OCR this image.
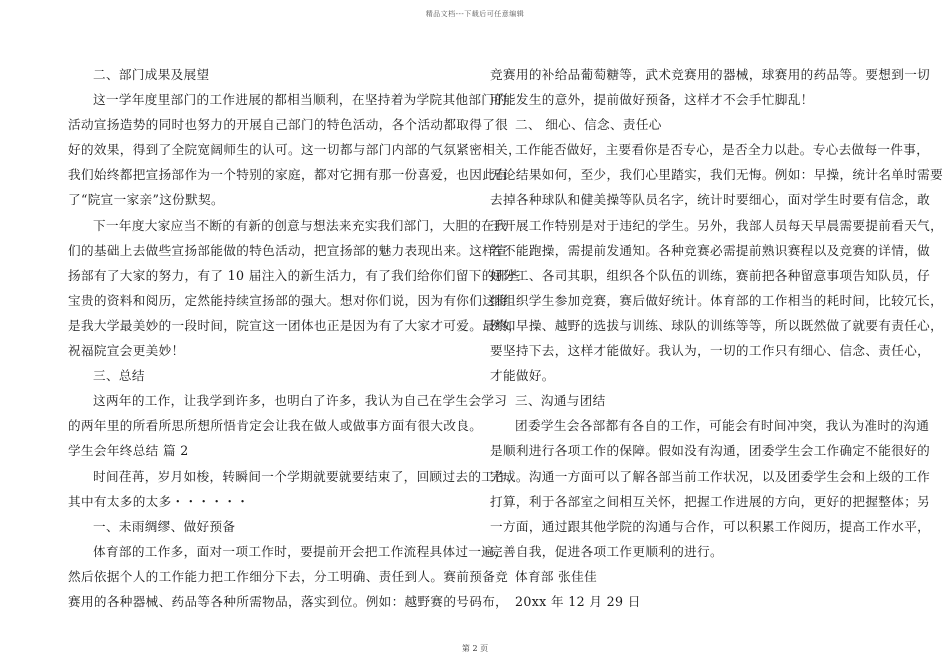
精品文档---下载后可任意编辑
二、部门成果及展望
这一学年度里部门的工作进展的都相当顺利，在坚持着为学院其他部门的
活动宣扬造势的同时也努力的开展自己部门的特色活动，各个活动都取得了很
好的效果，得到了全院宽阔师生的认可。这一切都与部门内部的气氛紧密相关，
我们始终都把宣扬部作为一个特别的家庭，都对它拥有那一份喜爱，也因此有
了“院宣一家亲”这份默契。
下一年度大家应当不断的有新的创意与想法来充实我们部门，大胆的在我
们的基础上去做些宣扬部能做的特色活动，把宣扬部的魅力表现出来。这样宣
扬部有了大家的努力，有了 10 届注入的新生活力，有了我们给你们留下的那些
宝贵的资料和阅历，定然能持续宣扬部的强大。想对你们说，因为有你们这将
是我大学最美妙的一段时间，院宣这一团体也正是因为有了大家才可爱。最终，
祝福院宣会更美妙！
三、总结
这两年的工作，让我学到许多，也明白了许多，我认为自己在学生会学习
的两年里的所看所思所想所悟肯定会让我在做人或做事方面有很大改良。
学生会年终总结 篇 2
时间荏苒，岁月如梭，转瞬间一个学期就要就要结束了，回顾过去的工作，
其中有太多的太多・・・・・・
一、未雨绸缪、做好预备
体育部的工作多，面对一项工作时，要提前开会把工作流程具体过一遍，
然后依据个人的工作能力把工作细分下去，分工明确、责任到人。赛前预备竞
赛用的各种器械、药品等各种所需物品，落实到位。例如：越野赛的号码布，
竞赛用的补给品葡萄糖等，武术竞赛用的器械，球赛用的药品等。要想到一切
可能发生的意外，提前做好预备，这样才不会手忙脚乱！
二、 细心、信念、责任心
工作能否做好，主要看你是否专心，是否全力以赴。专心去做每一件事，
无论结果如何，至少，我们心里踏实，我们无悔。例如：早操，统计名单时需要
去掉各种球队和健美操等队员名字，统计时要细心，面对学生时要有信念，敢
于开展工作特别是对于违纪的学生。另外，我部人员每天早晨需要提前看天气，
若不能跑操，需提前发通知。各种竞赛必需提前熟识赛程以及竞赛的详情，做
好分工、各司其职，组织各个队伍的训练，赛前把各种留意事项告知队员，仔
细组织学生参加竞赛，赛后做好统计。体育部的工作相当的耗时间，比较冗长，
例如早操、越野的选拔与训练、球队的训练等等，所以既然做了就要有责任心，
要坚持下去，这样才能做好。我认为，一切的工作只有细心、信念、责任心，
才能做好。
三、沟通与团结
团委学生会各部都有各自的工作，可能会有时间冲突，我认为准时的沟通
是顺利进行各项工作的保障。假如没有沟通，团委学生会工作确定不能很好的
完成。沟通一方面可以了解各部当前工作状况，以及团委学生会和上级的工作
打算，利于各部室之间相互关怀，把握工作进展的方向，更好的把握整体；另
一方面，通过跟其他学院的沟通与合作，可以积累工作阅历，提高工作水平，
完善自我，促进各项工作更顺利的进行。
体育部 张佳佳
20xx 年 12 月 29 日
第 2 页
